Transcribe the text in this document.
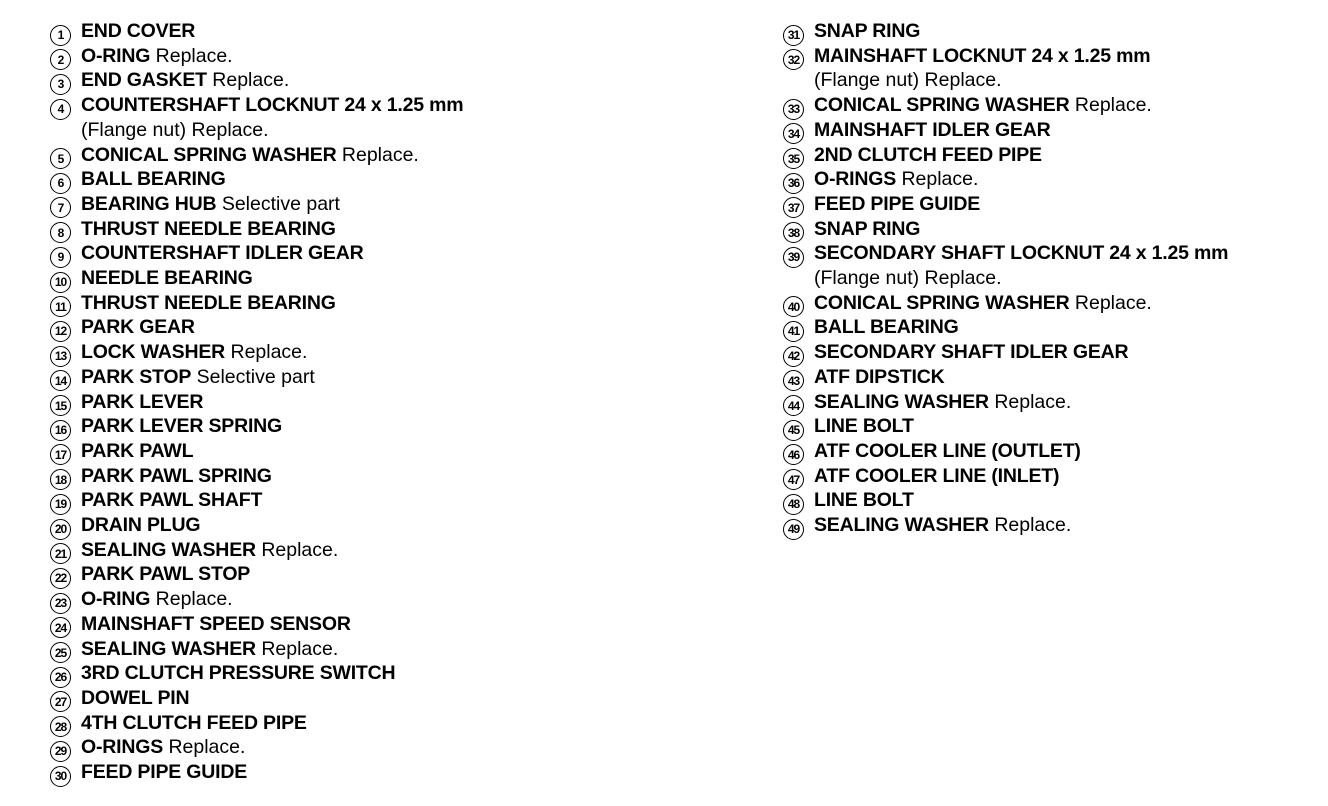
1 END COVER
2 O-RING Replace.
3 END GASKET Replace.
4 COUNTERSHAFT LOCKNUT 24 x 1.25 mm
(Flange nut) Replace.
5 CONICAL SPRING WASHER Replace.
6 BALL BEARING
7 BEARING HUB Selective part
8 THRUST NEEDLE BEARING
9 COUNTERSHAFT IDLER GEAR
10 NEEDLE BEARING
11 THRUST NEEDLE BEARING
12 PARK GEAR
13 LOCK WASHER Replace.
14 PARK STOP Selective part
15 PARK LEVER
16 PARK LEVER SPRING
17 PARK PAWL
18 PARK PAWL SPRING
19 PARK PAWL SHAFT
20 DRAIN PLUG
21 SEALING WASHER Replace.
22 PARK PAWL STOP
23 O-RING Replace.
24 MAINSHAFT SPEED SENSOR
25 SEALING WASHER Replace.
26 3RD CLUTCH PRESSURE SWITCH
27 DOWEL PIN
28 4TH CLUTCH FEED PIPE
29 O-RINGS Replace.
30 FEED PIPE GUIDE
31 SNAP RING
32 MAINSHAFT LOCKNUT 24 x 1.25 mm
(Flange nut) Replace.
33 CONICAL SPRING WASHER Replace.
34 MAINSHAFT IDLER GEAR
35 2ND CLUTCH FEED PIPE
36 O-RINGS Replace.
37 FEED PIPE GUIDE
38 SNAP RING
39 SECONDARY SHAFT LOCKNUT 24 x 1.25 mm
(Flange nut) Replace.
40 CONICAL SPRING WASHER Replace.
41 BALL BEARING
42 SECONDARY SHAFT IDLER GEAR
43 ATF DIPSTICK
44 SEALING WASHER Replace.
45 LINE BOLT
46 ATF COOLER LINE (OUTLET)
47 ATF COOLER LINE (INLET)
48 LINE BOLT
49 SEALING WASHER Replace.
